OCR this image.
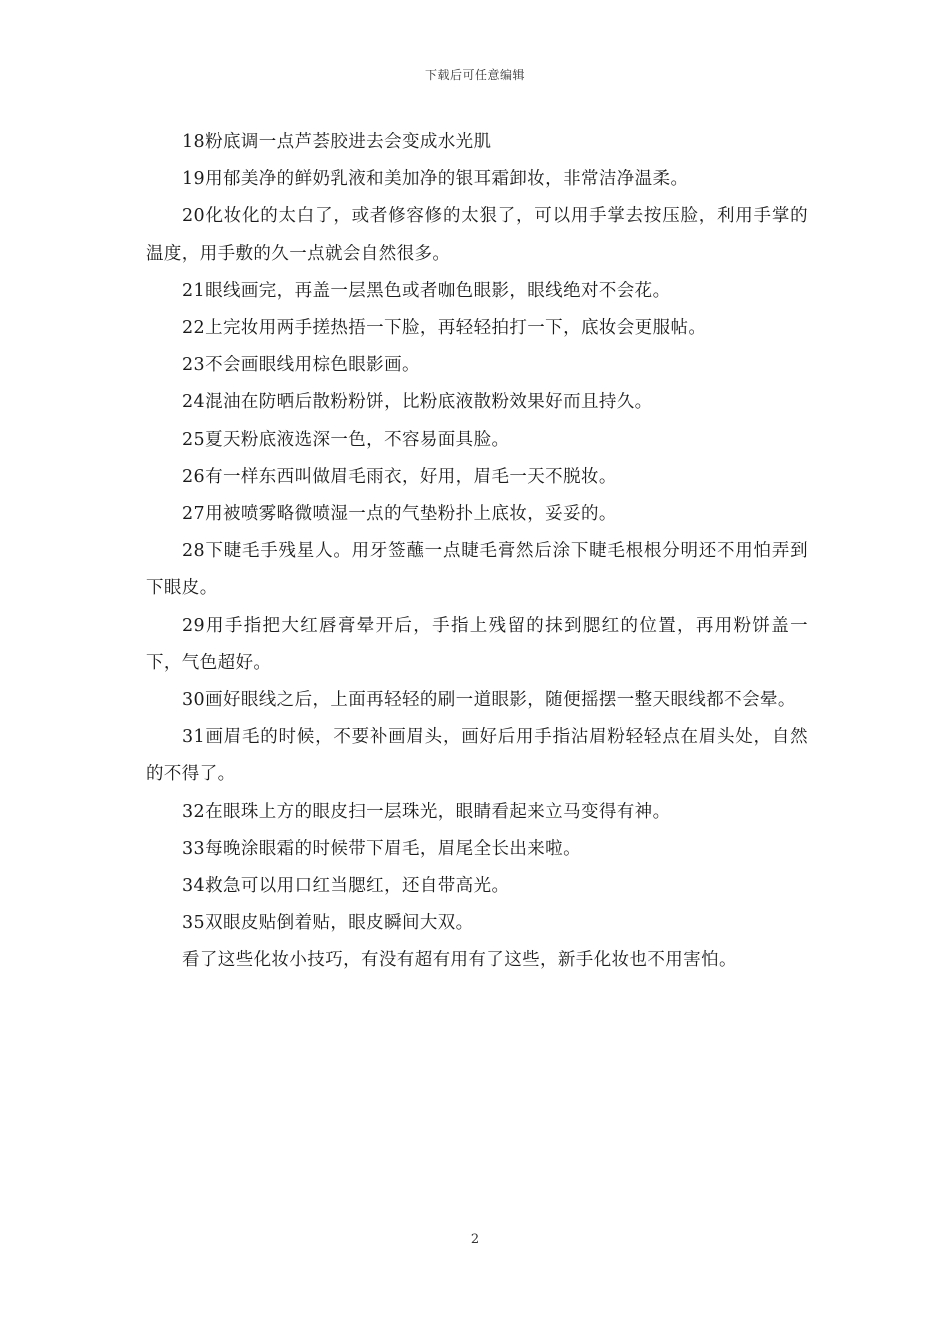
下载后可任意编辑

18粉底调一点芦荟胶进去会变成水光肌

19用郁美净的鲜奶乳液和美加净的银耳霜卸妆，非常洁净温柔。

20化妆化的太白了，或者修容修的太狠了，可以用手掌去按压脸，利用手掌的温度，用手敷的久一点就会自然很多。

21眼线画完，再盖一层黑色或者咖色眼影，眼线绝对不会花。

22上完妆用两手搓热捂一下脸，再轻轻拍打一下，底妆会更服帖。

23不会画眼线用棕色眼影画。

24混油在防晒后散粉粉饼，比粉底液散粉效果好而且持久。

25夏天粉底液选深一色，不容易面具脸。

26有一样东西叫做眉毛雨衣，好用，眉毛一天不脱妆。

27用被喷雾略微喷湿一点的气垫粉扑上底妆，妥妥的。

28下睫毛手残星人。用牙签蘸一点睫毛膏然后涂下睫毛根根分明还不用怕弄到下眼皮。

29用手指把大红唇膏晕开后，手指上残留的抹到腮红的位置，再用粉饼盖一下，气色超好。

30画好眼线之后，上面再轻轻的刷一道眼影，随便摇摆一整天眼线都不会晕。

31画眉毛的时候，不要补画眉头，画好后用手指沾眉粉轻轻点在眉头处，自然的不得了。

32在眼珠上方的眼皮扫一层珠光，眼睛看起来立马变得有神。

33每晚涂眼霜的时候带下眉毛，眉尾全长出来啦。

34救急可以用口红当腮红，还自带高光。

35双眼皮贴倒着贴，眼皮瞬间大双。

看了这些化妆小技巧，有没有超有用有了这些，新手化妆也不用害怕。

2
